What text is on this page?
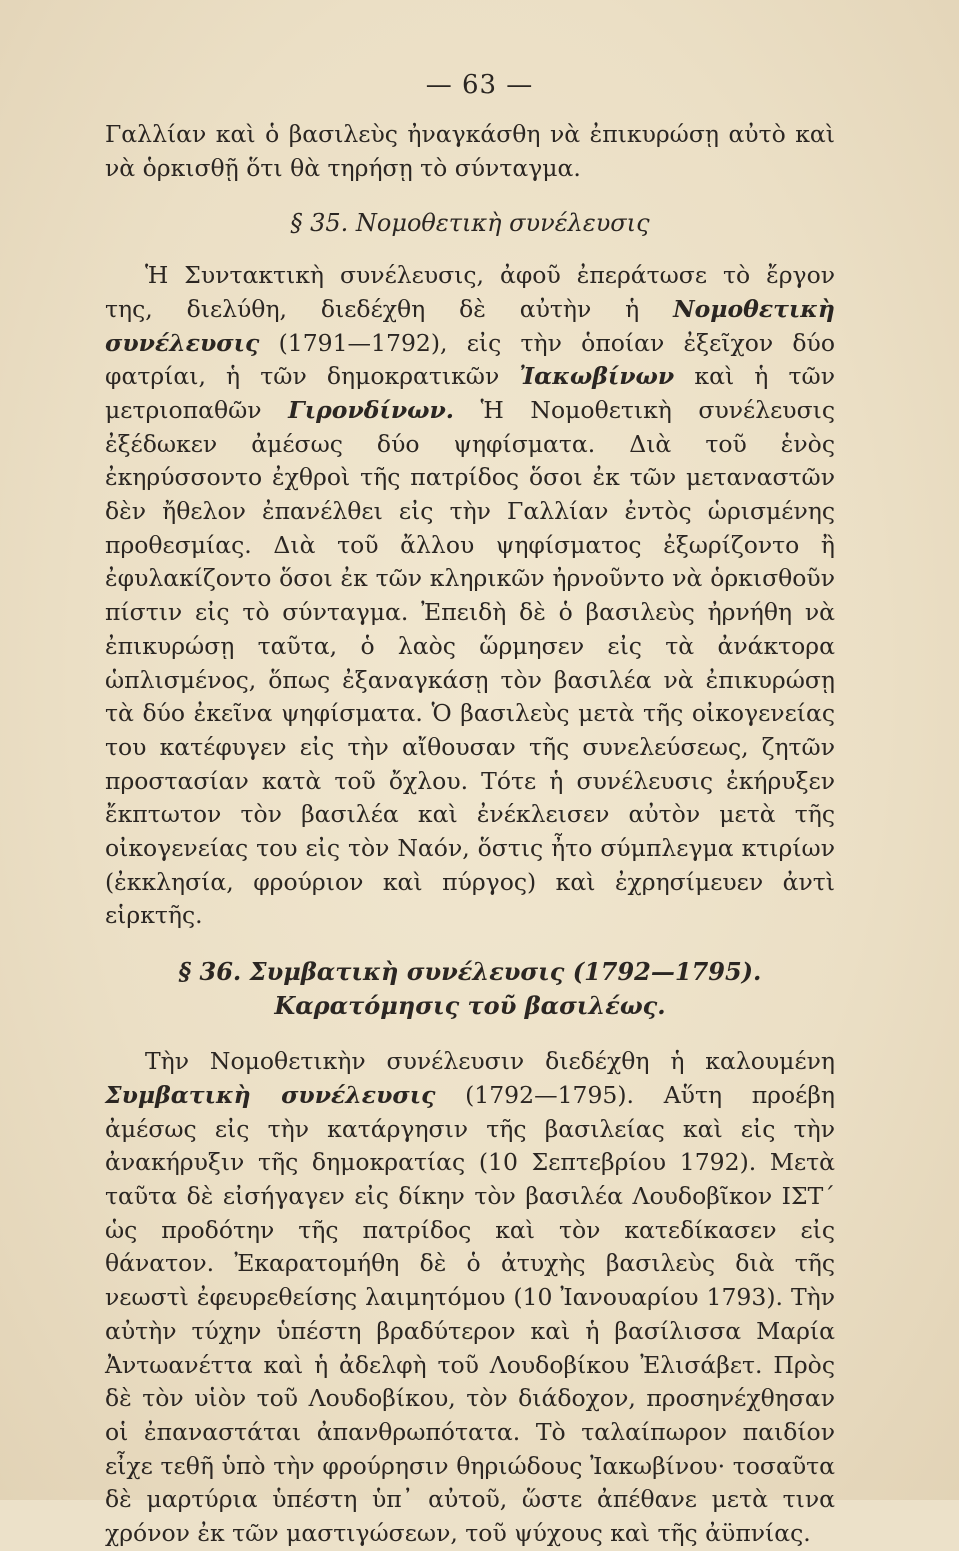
— 63 —

Γαλλίαν καὶ ὁ βασιλεὺς ἠναγκάσθη νὰ ἐπικυρώσῃ αὐτὸ καὶ νὰ ὁρκισθῇ ὅτι θὰ τηρήσῃ τὸ σύνταγμα.

§ 35. Νομοθετικὴ συνέλευσις

Ἡ Συντακτικὴ συνέλευσις, ἀφοῦ ἐπεράτωσε τὸ ἔργον της, διελύθη, διεδέχθη δὲ αὐτὴν ἡ Νομοθετικὴ συνέλευσις (1791—1792), εἰς τὴν ὁποίαν ἐξεῖχον δύο φατρίαι, ἡ τῶν δημοκρατικῶν Ἰακωβίνων καὶ ἡ τῶν μετριοπαθῶν Γιρονδίνων. Ἡ Νομοθετικὴ συνέλευσις ἐξέδωκεν ἀμέσως δύο ψηφίσματα. Διὰ τοῦ ἑνὸς ἐκηρύσσοντο ἐχθροὶ τῆς πατρίδος ὅσοι ἐκ τῶν μεταναστῶν δὲν ἤθελον ἐπανέλθει εἰς τὴν Γαλλίαν ἐντὸς ὡρισμένης προθεσμίας. Διὰ τοῦ ἄλλου ψηφίσματος ἐξωρίζοντο ἢ ἐφυλακίζοντο ὅσοι ἐκ τῶν κληρικῶν ἠρνοῦντο νὰ ὁρκισθοῦν πίστιν εἰς τὸ σύνταγμα. Ἐπειδὴ δὲ ὁ βασιλεὺς ἠρνήθη νὰ ἐπικυρώσῃ ταῦτα, ὁ λαὸς ὥρμησεν εἰς τὰ ἀνάκτορα ὡπλισμένος, ὅπως ἐξαναγκάσῃ τὸν βασιλέα νὰ ἐπικυρώσῃ τὰ δύο ἐκεῖνα ψηφίσματα. Ὁ βασιλεὺς μετὰ τῆς οἰκογενείας του κατέφυγεν εἰς τὴν αἴθουσαν τῆς συνελεύσεως, ζητῶν προστασίαν κατὰ τοῦ ὄχλου. Τότε ἡ συνέλευσις ἐκήρυξεν ἔκπτωτον τὸν βασιλέα καὶ ἐνέκλεισεν αὐτὸν μετὰ τῆς οἰκογενείας του εἰς τὸν Ναόν, ὅστις ἦτο σύμπλεγμα κτιρίων (ἐκκλησία, φρούριον καὶ πύργος) καὶ ἐχρησίμευεν ἀντὶ εἱρκτῆς.

§ 36. Συμβατικὴ συνέλευσις (1792—1795).
Καρατόμησις τοῦ βασιλέως.

Τὴν Νομοθετικὴν συνέλευσιν διεδέχθη ἡ καλουμένη Συμβατικὴ συνέλευσις (1792—1795). Αὕτη προέβη ἀμέσως εἰς τὴν κατάργησιν τῆς βασιλείας καὶ εἰς τὴν ἀνακήρυξιν τῆς δημοκρατίας (10 Σεπτεβρίου 1792). Μετὰ ταῦτα δὲ εἰσήγαγεν εἰς δίκην τὸν βασιλέα Λουδοβῖκον ΙΣΤ΄ ὡς προδότην τῆς πατρίδος καὶ τὸν κατεδίκασεν εἰς θάνατον. Ἐκαρατομήθη δὲ ὁ ἀτυχὴς βασιλεὺς διὰ τῆς νεωστὶ ἐφευρεθείσης λαιμητόμου (10 Ἰανουαρίου 1793). Τὴν αὐτὴν τύχην ὑπέστη βραδύτερον καὶ ἡ βασίλισσα Μαρία Ἀντωανέττα καὶ ἡ ἀδελφὴ τοῦ Λουδοβίκου Ἐλισάβετ. Πρὸς δὲ τὸν υἱὸν τοῦ Λουδοβίκου, τὸν διάδοχον, προσηνέχθησαν οἱ ἐπαναστάται ἀπανθρωπότατα. Τὸ ταλαίπωρον παιδίον εἶχε τεθῆ ὑπὸ τὴν φρούρησιν θηριώδους Ἰακωβίνου· τοσαῦτα δὲ μαρτύρια ὑπέστη ὑπ᾿ αὐτοῦ, ὥστε ἀπέθανε μετὰ τινα χρόνον ἐκ τῶν μαστιγώσεων, τοῦ ψύχους καὶ τῆς ἀϋπνίας.
